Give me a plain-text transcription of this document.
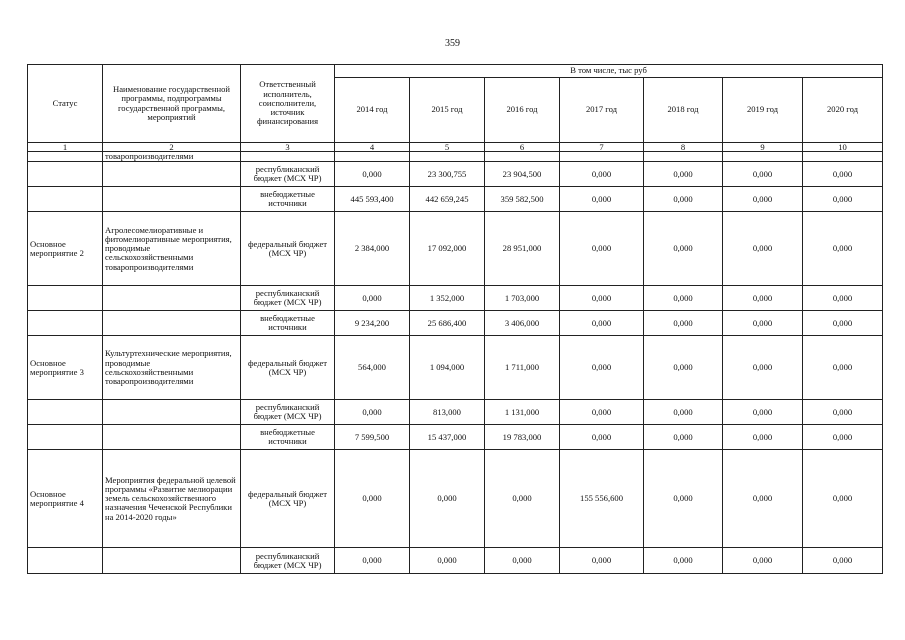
359
Статус	Наименование государственной программы, подпрограммы государственной программы, мероприятий	Ответственный исполнитель, соисполнители, источник финансирования	В том числе, тыс руб						
			2014 год	2015 год	2016 год	2017 год	2018 год	2019 год	2020 год
1	2	3	4	5	6	7	8	9	10
	товаропроизводителями								
		республиканский бюджет (МСХ ЧР)	0,000	23 300,755	23 904,500	0,000	0,000	0,000	0,000
		внебюджетные источники	445 593,400	442 659,245	359 582,500	0,000	0,000	0,000	0,000
Основное мероприятие 2	Агролесомелиоративные и фитомелиоративные мероприятия, проводимые сельскохозяйственными товаропроизводителями	федеральный бюджет (МСХ ЧР)	2 384,000	17 092,000	28 951,000	0,000	0,000	0,000	0,000
		республиканский бюджет (МСХ ЧР)	0,000	1 352,000	1 703,000	0,000	0,000	0,000	0,000
		внебюджетные источники	9 234,200	25 686,400	3 406,000	0,000	0,000	0,000	0,000
Основное мероприятие 3	Культуртехнические мероприятия, проводимые сельскохозяйственными товаропроизводителями	федеральный бюджет (МСХ ЧР)	564,000	1 094,000	1 711,000	0,000	0,000	0,000	0,000
		республиканский бюджет (МСХ ЧР)	0,000	813,000	1 131,000	0,000	0,000	0,000	0,000
		внебюджетные источники	7 599,500	15 437,000	19 783,000	0,000	0,000	0,000	0,000
Основное мероприятие 4	Мероприятия федеральной целевой программы «Развитие мелиорации земель сельскохозяйственного назначения Чеченской Республики на 2014-2020 годы»	федеральный бюджет (МСХ ЧР)	0,000	0,000	0,000	155 556,600	0,000	0,000	0,000
		республиканский бюджет (МСХ ЧР)	0,000	0,000	0,000	0,000	0,000	0,000	0,000
